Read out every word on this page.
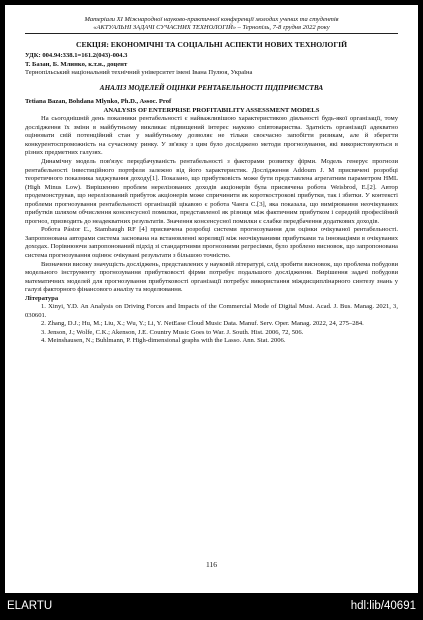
Матеріали ХІ Міжнародної науково-практичної конференції молодих учених та студентів
«АКТУАЛЬНІ ЗАДАЧІ СУЧАСНИХ ТЕХНОЛОГІЙ» – Тернопіль, 7-8 грудня 2022 року
СЕКЦІЯ: ЕКОНОМІЧНІ ТА СОЦІАЛЬНІ АСПЕКТИ НОВИХ ТЕХНОЛОГІЙ
УДК: 004.94:338.1=161.2(043)-004.3
Т. Базан, Б. Млинко, к.т.н., доцент
Тернопільський національний технічний університет імені Івана Пулюя, Україна
АНАЛІЗ МОДЕЛЕЙ ОЦІНКИ РЕНТАБЕЛЬНОСТІ ПІДПРИЄМСТВА
Tetiana Bazan, Bohdana Mlynko, Ph.D., Assoc. Prof
ANALYSIS OF ENTERPRISE PROFITABILITY ASSESSMENT MODELS

На сьогоднішній день показники рентабельності є найважливішою характеристикою діяльності будь-якої організації, тому дослідження їх зміни в майбутньому викликає підвищений інтерес науково співтовариства. Здатність організації адекватно оцінювати свій потенційний стан у майбутньому дозволяє не тільки своєчасно запобігти ризикам, але й зберегти конкурентоспроможність на сучасному ринку. У зв'язку з цим було досліджено методи прогнозування, які використовуються в різних предметних галузях.

Динамічну модель пов'язує передбачуваність рентабельності з факторами розвитку фірми. Модель генерує прогнози рентабельності інвестиційного портфеля залежно від його характеристик. Дослідження Addoum J. M присвячені розробці теоретичного показника хеджування доходу[1]. Показано, що прибутковість може бути представлена агрегатним параметром HML (High Minus Low). Вирішенню проблем нерелізованих доходів акціонерів була присвячена робота Weisbrod, E.[2]. Автор продемонстрував, що нерелізований прибуток акціонерів може спричинити як короткострокові прибутки, так і збитки. У контексті проблеми прогнозування рентабельності організацій цікавою є робота Чанга С.[3], яка показала, що вимірювання неочікуваних прибутків шляхом обчислення консенсусної помилки, представленої як різниця між фактичним прибутком і середній професійний прогноз, призводить до неадекватних результатів. Значення консенсусної помилки є слабке передбачення додаткових доходів.

Робота Pástor Ľ., Stambaugh RF [4] присвячена розробці системи прогнозування для оцінки очікуваної рентабельності. Запропонована авторами система заснована на встановленні кореляції між неочікуваними прибутками та інноваціями в очікуваних доходах. Порівнюючи запропонований підхід зі стандартними прогнозними регресіями, було зроблено висновок, що запропонована система прогнозування оцінює очікувані результати з більшою точністю.

Визначени високу значущість досліджень, представлених у науковій літературі, слід зробити висновок, що проблема побудови модельного інструменту прогнозування прибутковості фірми потребує подальшого дослідження. Вирішення задачі побудови математичних моделей для прогнозування прибутковості організації потребує використання міждисциплінарного синтезу знань у галузі факторного фінансового аналізу та моделювання.

Література

1. Xinyi, Y.D. An Analysis on Driving Forces and Impacts of the Commercial Mode of Digital Musi. Acad. J. Bus. Manag. 2021, 3, 030601.

2. Zhang, D.J.; Hu, M.; Liu, X.; Wu, Y.; Li, Y. NetEase Cloud Music Data. Manuf. Serv. Oper. Manag. 2022, 24, 275–284.

3. Jenson, J.; Wolfe, C.K.; Akenson, J.E. Country Music Goes to War. J. South. Hist. 2006, 72, 506.

4. Meinshausen, N.; Buhlmann, P. High-dimensional graphs with the Lasso. Ann. Stat. 2006.

116
ELARTU	hdl:lib/40691
